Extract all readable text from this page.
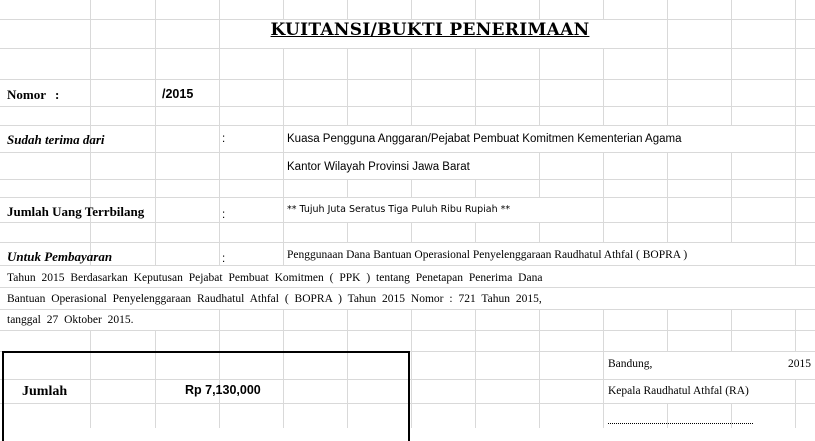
KUITANSI/BUKTI PENERIMAAN
Nomor :	/2015
Sudah terima dari	:	Kuasa Pengguna Anggaran/Pejabat Pembuat Komitmen Kementerian Agama
Kantor Wilayah Provinsi Jawa Barat
Jumlah Uang Terrbilang	:	** Tujuh Juta Seratus Tiga Puluh Ribu Rupiah **
Untuk Pembayaran	:	Penggunaan Dana Bantuan Operasional Penyelenggaraan Raudhatul Athfal ( BOPRA )
Tahun 2015 Berdasarkan Keputusan Pejabat Pembuat Komitmen ( PPK ) tentang Penetapan Penerima Dana
Bantuan Operasional Penyelenggaraan Raudhatul Athfal ( BOPRA ) Tahun 2015 Nomor : 721 Tahun 2015,
tanggal 27 Oktober 2015.
Jumlah	Rp 7,130,000
Bandung,	2015
Kepala Raudhatul Athfal (RA)
